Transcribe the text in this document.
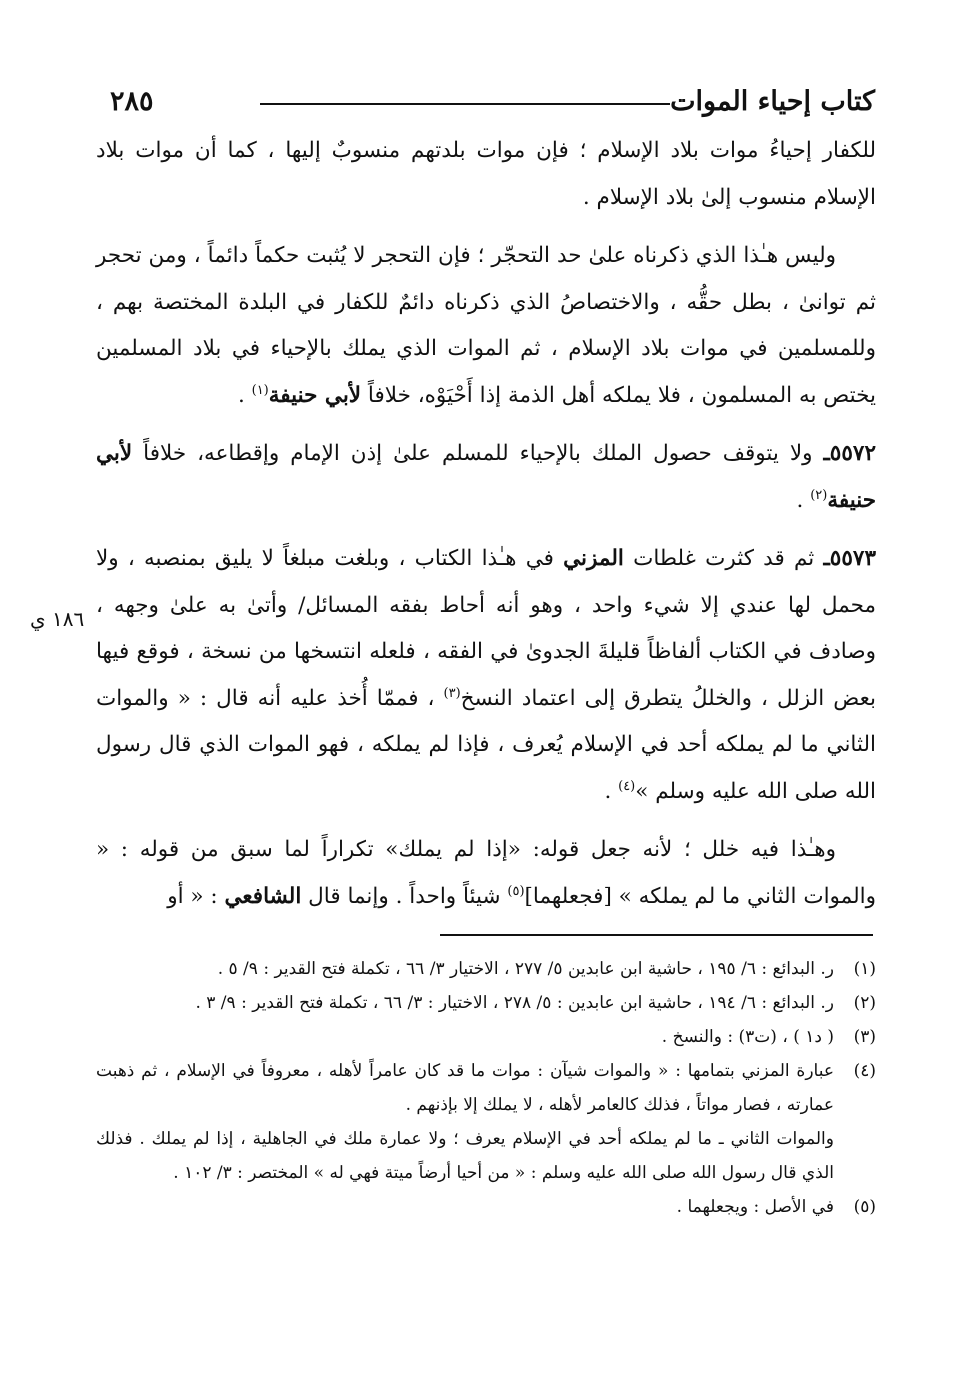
كتاب إحياء الموات
٢٨٥

للكفار إحياءُ موات بلاد الإسلام ؛ فإن موات بلدتهم منسوبٌ إليها ، كما أن موات بلاد الإسلام منسوب إلىٰ بلاد الإسلام .

وليس هـٰذا الذي ذكرناه علىٰ حد التحجّر ؛ فإن التحجر لا يُثبت حكماً دائماً ، ومن تحجر ثم توانىٰ ، بطل حقُّه ، والاختصاصُ الذي ذكرناه دائمٌ للكفار في البلدة المختصة بهم ، وللمسلمين في موات بلاد الإسلام ، ثم الموات الذي يملك بالإحياء في بلاد المسلمين يختص به المسلمون ، فلا يملكه أهل الذمة إذا أَحْيَوْه، خلافاً لأبي حنيفة$^{(١)}$ .

٥٥٧٢ـ ولا يتوقف حصول الملك بالإحياء للمسلم علىٰ إذن الإمام وإقطاعه، خلافاً لأبي حنيفة$^{(٢)}$ .

٥٥٧٣ـ ثم قد كثرت غلطات المزني في هـٰذا الكتاب ، وبلغت مبلغاً لا يليق بمنصبه ، ولا محمل لها عندي إلا شيء واحد ، وهو أنه أحاط بفقه المسائل/ وأتىٰ به علىٰ وجهه ، وصادف في الكتاب ألفاظاً قليلةَ الجدوىٰ في الفقه ، فلعله انتسخها من نسخة ، فوقع فيها بعض الزلل ، والخللُ يتطرق إلى اعتماد النسخ$^{(٣)}$ ، فممّا أُخذ عليه أنه قال : « والموات الثاني ما لم يملكه أحد في الإسلام يُعرف ، فإذا لم يملكه ، فهو الموات الذي قال رسول الله صلى الله عليه وسلم »$^{(٤)}$ .

وهـٰذا فيه خلل ؛ لأنه جعل قوله: «إذا لم يملك» تكراراً لما سبق من قوله : « والموات الثاني ما لم يملكه » [فجعلهما]$^{(٥)}$ شيئاً واحداً . وإنما قال الشافعي : « أو

١٨٦ ي
(١)
ر. البدائع : ٦/ ١٩٥ ، حاشية ابن عابدين ٥/ ٢٧٧ ، الاختيار ٣/ ٦٦ ، تكملة فتح القدير : ٩/ ٥ .
(٢)
ر. البدائع : ٦/ ١٩٤ ، حاشية ابن عابدين : ٥/ ٢٧٨ ، الاختيار : ٣/ ٦٦ ، تكملة فتح القدير : ٩/ ٣ .
(٣)
( د١ ) ، (ت٣) : والنسخ .
(٤)
عبارة المزني بتمامها : « والموات شيآن : موات ما قد كان عامراً لأهله ، معروفاً في الإسلام ، ثم ذهبت عمارته ، فصار مواتاً ، فذلك كالعامر لأهله ، لا يملك إلا بإذنهم .
والموات الثاني ـ ما لم يملكه أحد في الإسلام يعرف ؛ ولا عمارة ملك في الجاهلية ، إذا لم يملك . فذلك الذي قال رسول الله صلى الله عليه وسلم : « من أحيا أرضاً ميتة فهي له » المختصر : ٣/ ١٠٢ .
(٥)
في الأصل : ويجعلهما .
